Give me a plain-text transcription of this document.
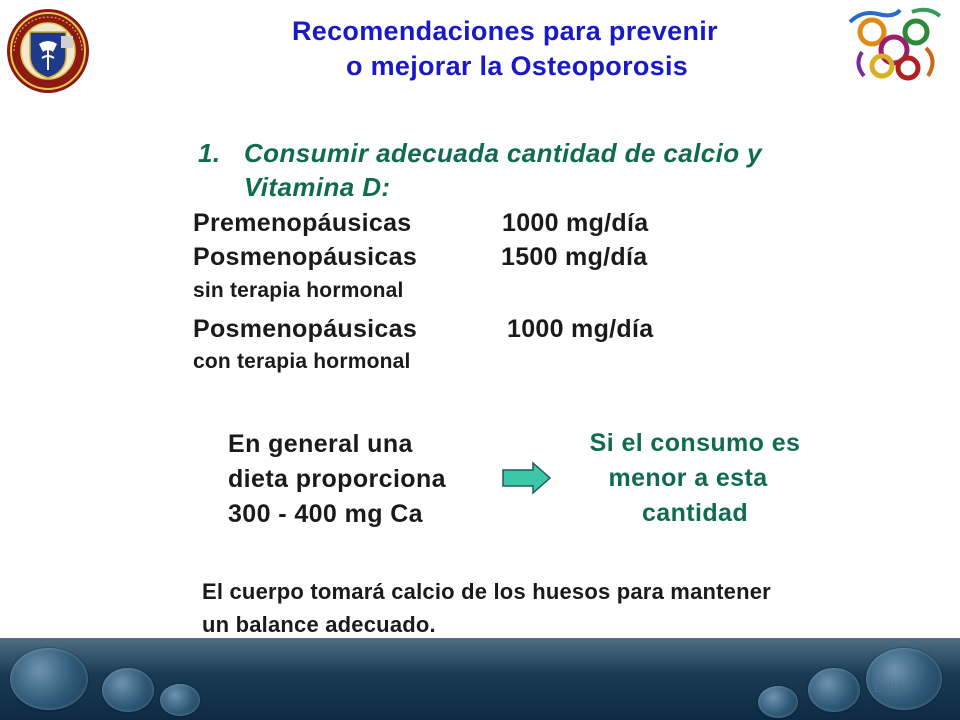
Recomendaciones para prevenir
o mejorar la Osteoporosis
1. Consumir adecuada cantidad de calcio y
Vitamina D:
Premenopáusicas	1000 mg/día
Posmenopáusicas	1500 mg/día
sin terapia hormonal
Posmenopáusicas	1000 mg/día
con terapia hormonal
En general una
dieta proporciona
300 - 400 mg Ca
Si el consumo es
menor a esta
cantidad
El cuerpo tomará calcio de los huesos para mantener
un balance adecuado.
LRV
